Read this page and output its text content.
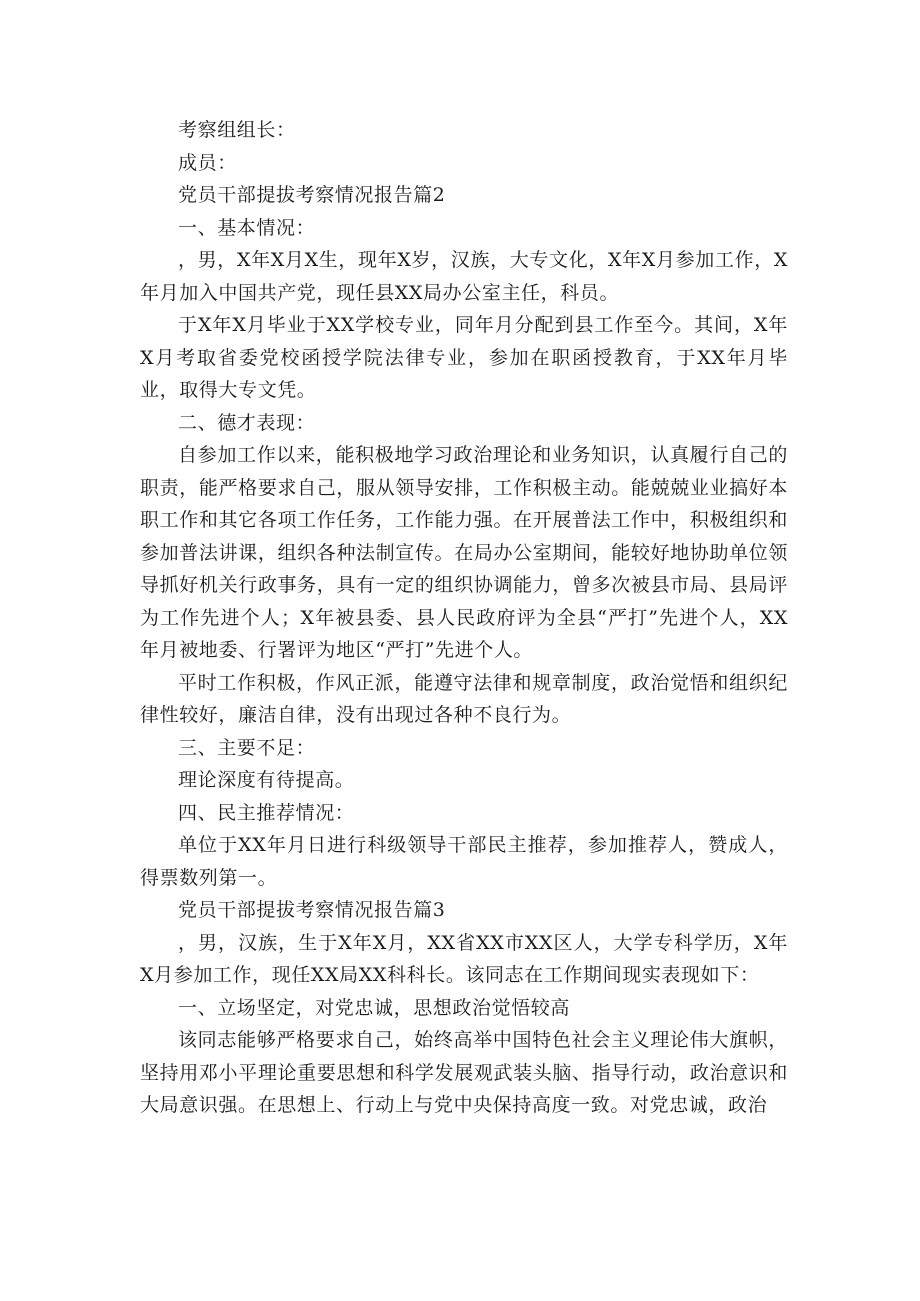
考察组组长：

成员：

党员干部提拔考察情况报告篇2

一、基本情况：

，男，X年X月X生，现年X岁，汉族，大专文化，X年X月参加工作，X年月加入中国共产党，现任县XX局办公室主任，科员。

于X年X月毕业于XX学校专业，同年月分配到县工作至今。其间，X年X月考取省委党校函授学院法律专业，参加在职函授教育，于XX年月毕业，取得大专文凭。

二、德才表现：

自参加工作以来，能积极地学习政治理论和业务知识，认真履行自己的职责，能严格要求自己，服从领导安排，工作积极主动。能兢兢业业搞好本职工作和其它各项工作任务，工作能力强。在开展普法工作中，积极组织和参加普法讲课，组织各种法制宣传。在局办公室期间，能较好地协助单位领导抓好机关行政事务，具有一定的组织协调能力，曾多次被县市局、县局评为工作先进个人；X年被县委、县人民政府评为全县“严打”先进个人，XX年月被地委、行署评为地区“严打”先进个人。

平时工作积极，作风正派，能遵守法律和规章制度，政治觉悟和组织纪律性较好，廉洁自律，没有出现过各种不良行为。

三、主要不足：

理论深度有待提高。

四、民主推荐情况：

单位于XX年月日进行科级领导干部民主推荐，参加推荐人，赞成人，得票数列第一。

党员干部提拔考察情况报告篇3

，男，汉族，生于X年X月，XX省XX市XX区人，大学专科学历，X年X月参加工作，现任XX局XX科科长。该同志在工作期间现实表现如下：

一、立场坚定，对党忠诚，思想政治觉悟较高

该同志能够严格要求自己，始终高举中国特色社会主义理论伟大旗帜，坚持用邓小平理论重要思想和科学发展观武装头脑、指导行动，政治意识和大局意识强。在思想上、行动上与党中央保持高度一致。对党忠诚，政治
